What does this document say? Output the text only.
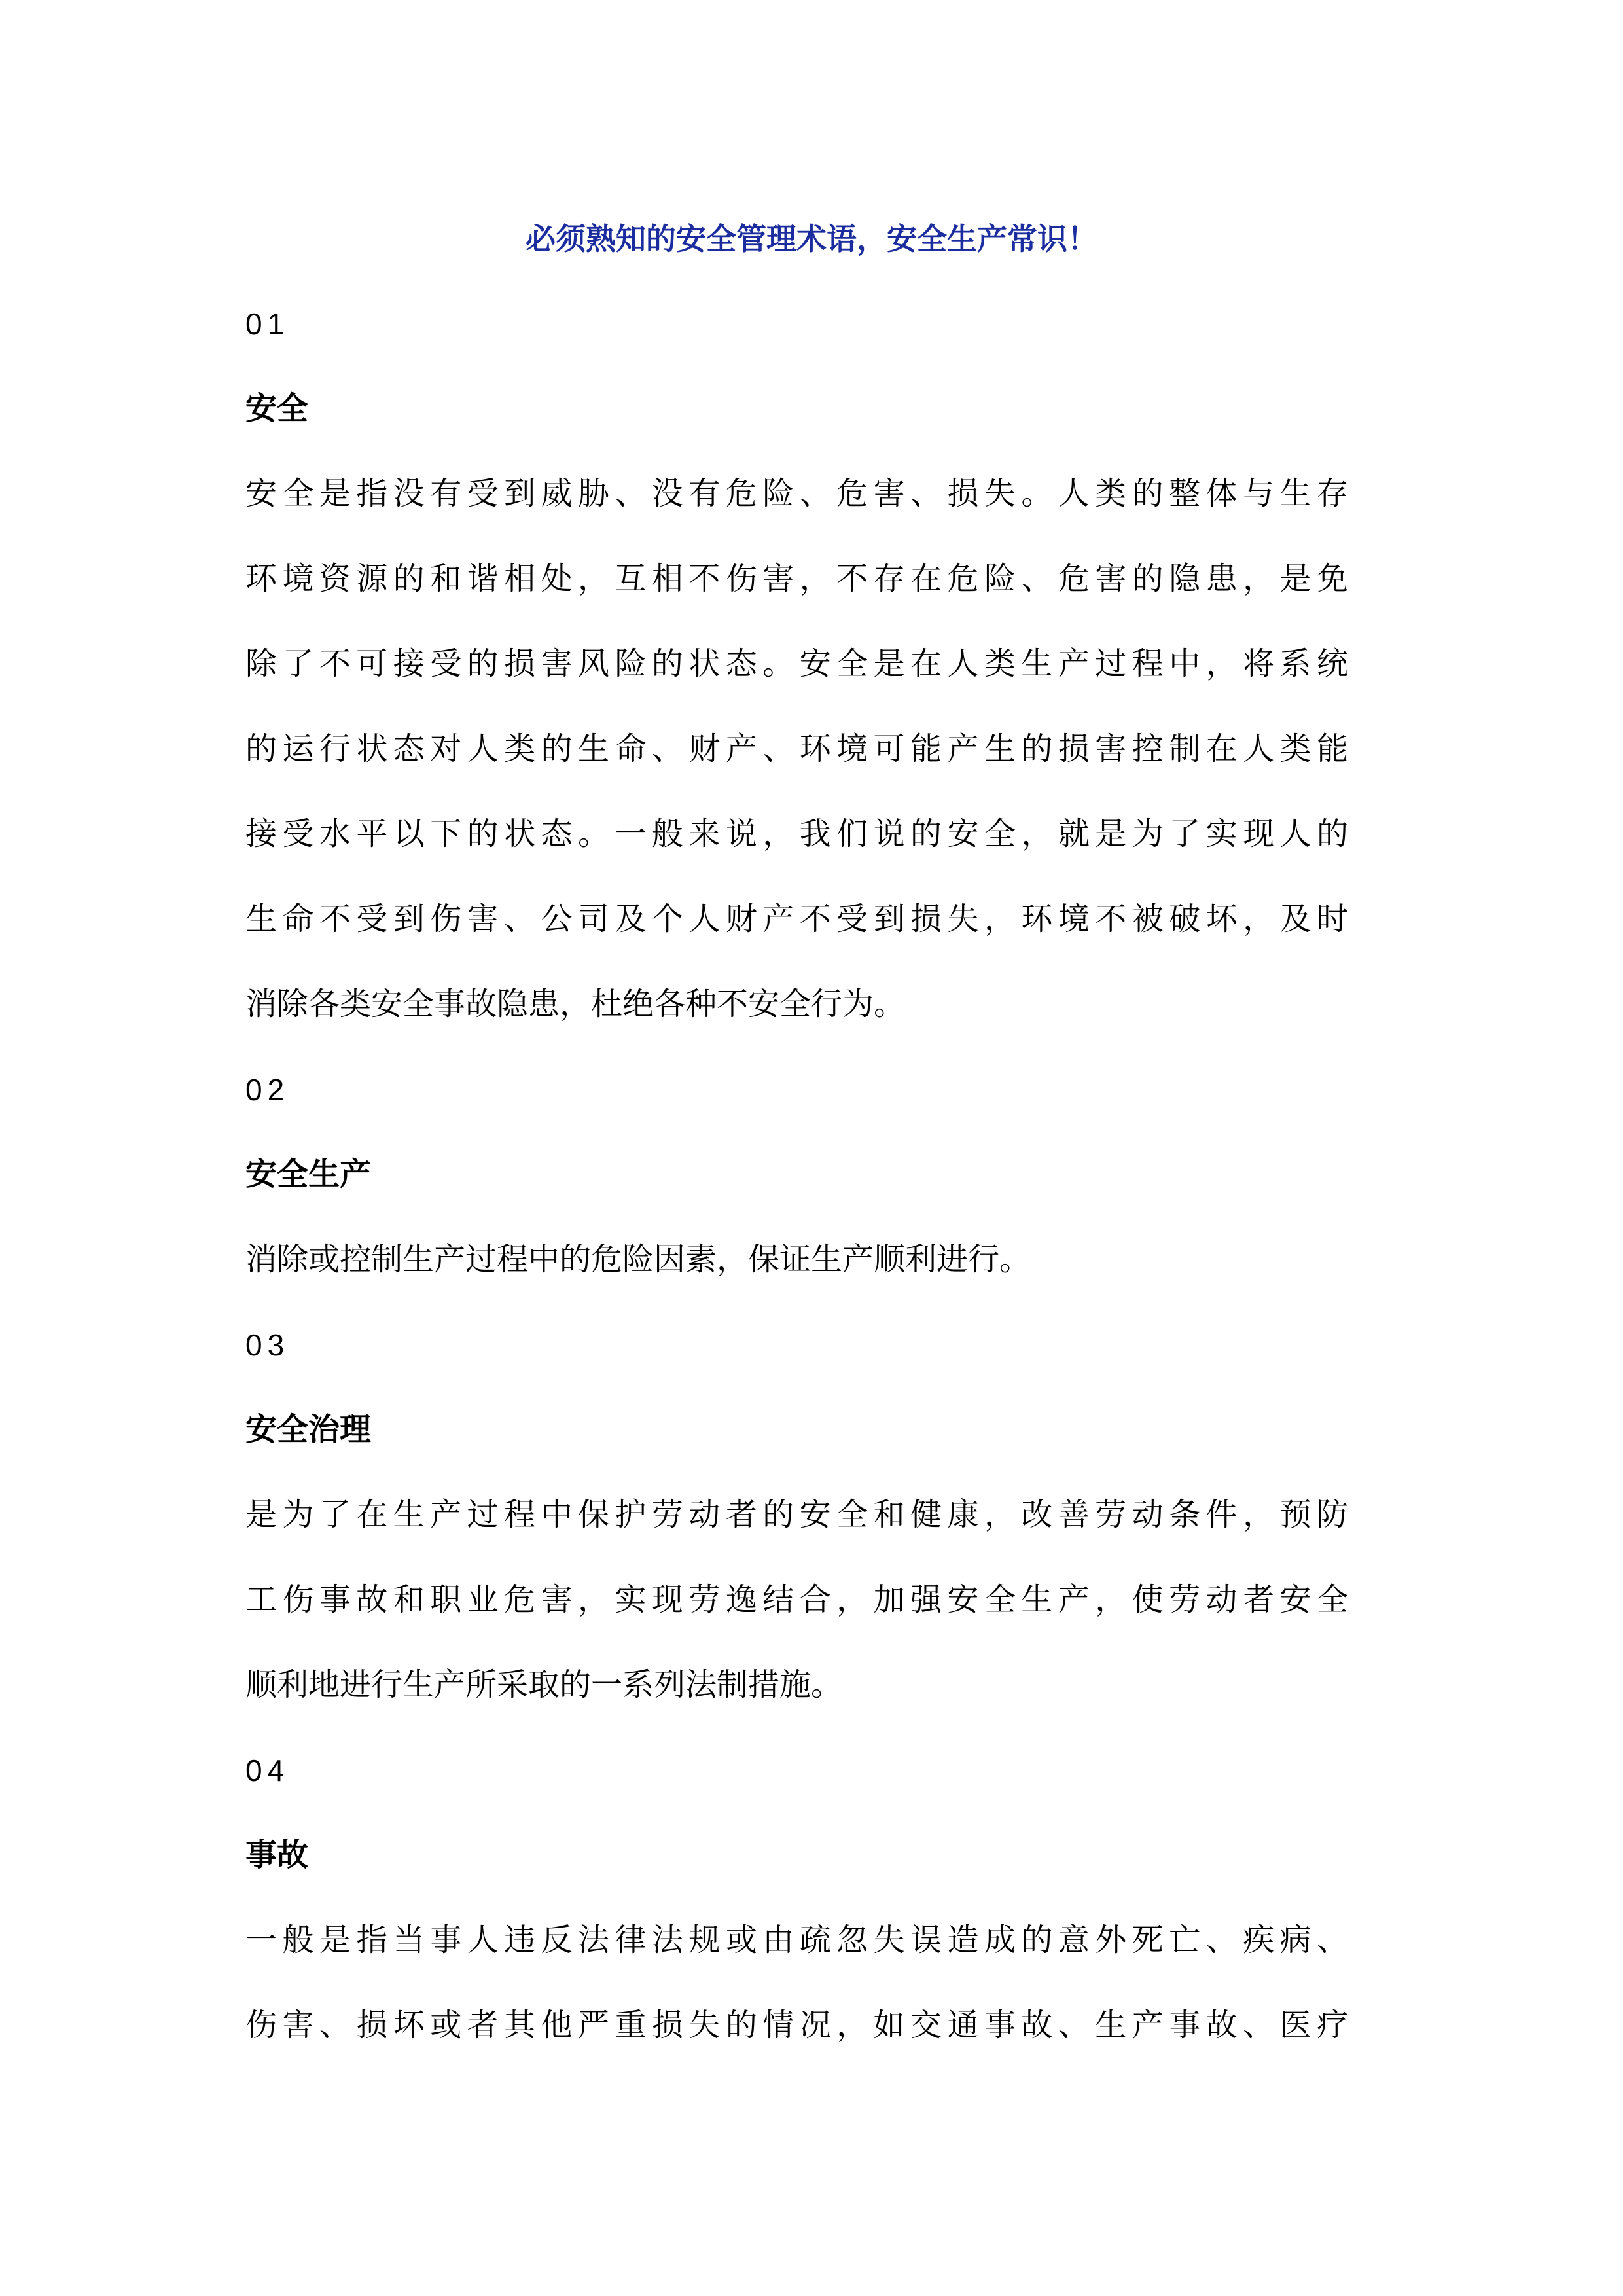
必须熟知的安全管理术语，安全生产常识！
01
安全
安全是指没有受到威胁、没有危险、危害、损失。人类的整体与生存
环境资源的和谐相处，互相不伤害，不存在危险、危害的隐患，是免
除了不可接受的损害风险的状态。安全是在人类生产过程中，将系统
的运行状态对人类的生命、财产、环境可能产生的损害控制在人类能
接受水平以下的状态。一般来说，我们说的安全，就是为了实现人的
生命不受到伤害、公司及个人财产不受到损失，环境不被破坏，及时
消除各类安全事故隐患，杜绝各种不安全行为。
02
安全生产
消除或控制生产过程中的危险因素，保证生产顺利进行。
03
安全治理
是为了在生产过程中保护劳动者的安全和健康，改善劳动条件，预防
工伤事故和职业危害，实现劳逸结合，加强安全生产，使劳动者安全
顺利地进行生产所采取的一系列法制措施。
04
事故
一般是指当事人违反法律法规或由疏忽失误造成的意外死亡、疾病、
伤害、损坏或者其他严重损失的情况，如交通事故、生产事故、医疗
